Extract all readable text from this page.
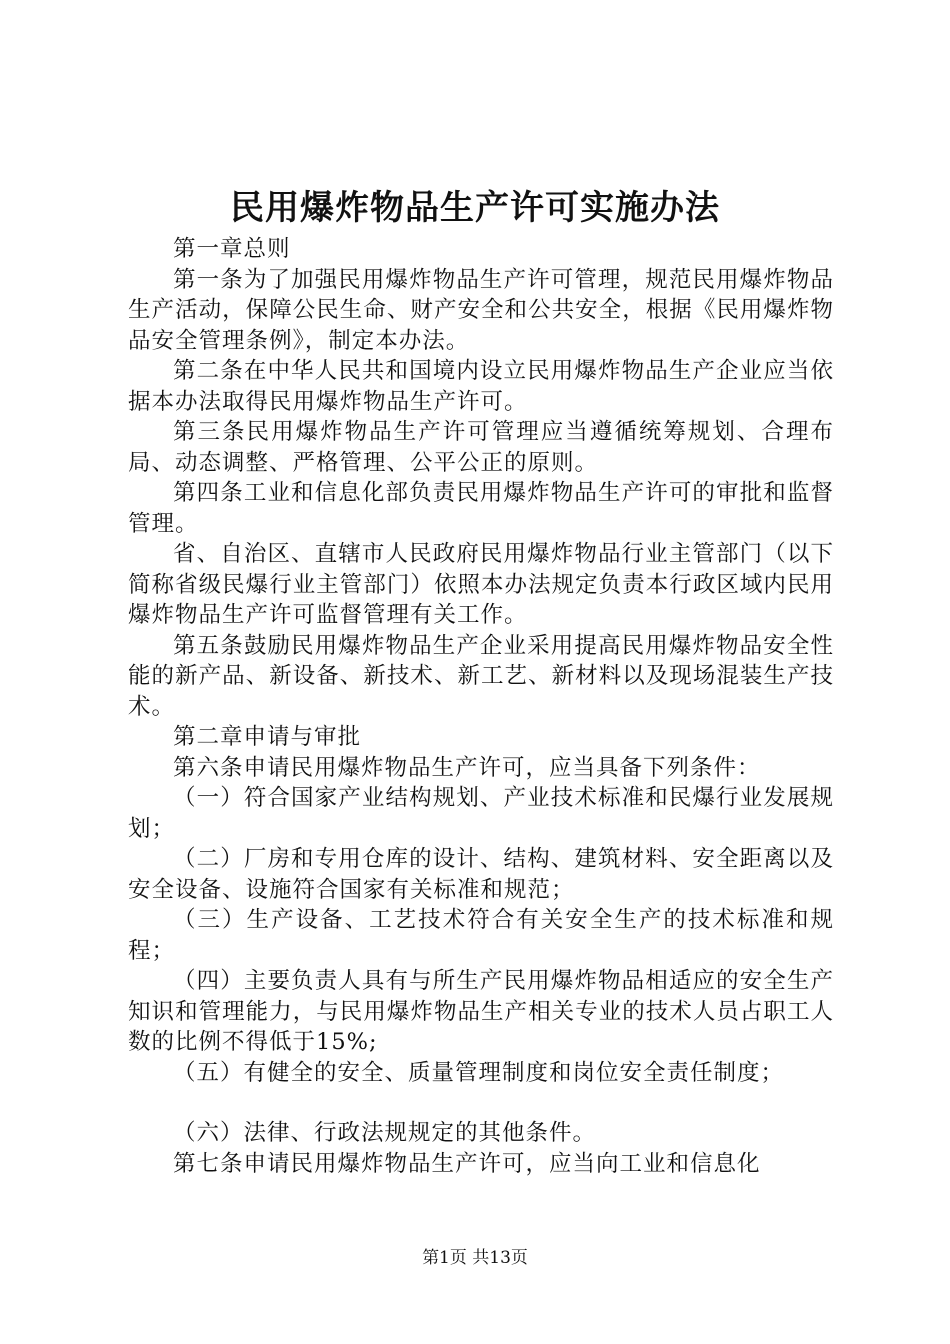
民用爆炸物品生产许可实施办法

第一章总则

第一条为了加强民用爆炸物品生产许可管理，规范民用爆炸物品生产活动，保障公民生命、财产安全和公共安全，根据《民用爆炸物品安全管理条例》，制定本办法。

第二条在中华人民共和国境内设立民用爆炸物品生产企业应当依据本办法取得民用爆炸物品生产许可。

第三条民用爆炸物品生产许可管理应当遵循统筹规划、合理布局、动态调整、严格管理、公平公正的原则。

第四条工业和信息化部负责民用爆炸物品生产许可的审批和监督管理。

省、自治区、直辖市人民政府民用爆炸物品行业主管部门（以下简称省级民爆行业主管部门）依照本办法规定负责本行政区域内民用爆炸物品生产许可监督管理有关工作。

第五条鼓励民用爆炸物品生产企业采用提高民用爆炸物品安全性能的新产品、新设备、新技术、新工艺、新材料以及现场混装生产技术。

第二章申请与审批

第六条申请民用爆炸物品生产许可，应当具备下列条件：

（一）符合国家产业结构规划、产业技术标准和民爆行业发展规划；

（二）厂房和专用仓库的设计、结构、建筑材料、安全距离以及安全设备、设施符合国家有关标准和规范；

（三）生产设备、工艺技术符合有关安全生产的技术标准和规程；

（四）主要负责人具有与所生产民用爆炸物品相适应的安全生产知识和管理能力，与民用爆炸物品生产相关专业的技术人员占职工人数的比例不得低于15%;

（五）有健全的安全、质量管理制度和岗位安全责任制度；

（六）法律、行政法规规定的其他条件。

第七条申请民用爆炸物品生产许可，应当向工业和信息化

第1页 共13页
